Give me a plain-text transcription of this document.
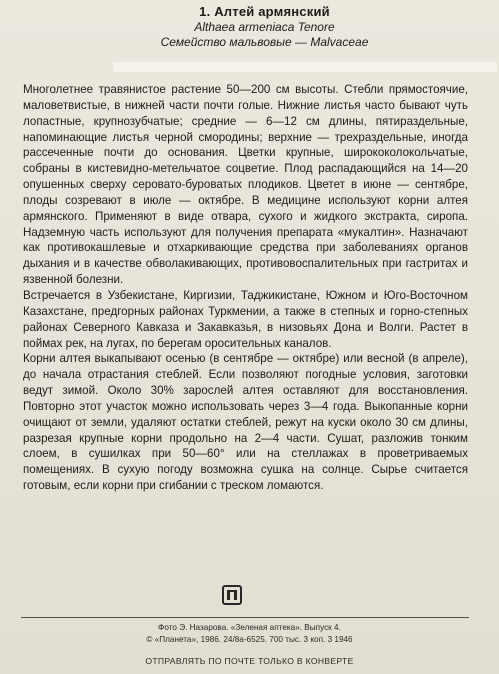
1. Алтей армянский
Althaea armeniaca Tenore
Семейство мальвовые — Malvaceae

Многолетнее травянистое растение 50—200 см высоты. Стебли прямостоячие, маловетвистые, в нижней части почти голые. Нижние листья часто бывают чуть лопастные, крупнозубчатые; средние — 6—12 см длины, пятираздельные, напоминающие листья черной смородины; верхние — трехраздельные, иногда рассеченные почти до основания. Цветки крупные, ширококолокольчатые, собраны в кистевидно-метельчатое соцветие. Плод распадающийся на 14—20 опушенных сверху серовато-буроватых плодиков. Цветет в июне — сентябре, плоды созревают в июле — октябре. В медицине используют корни алтея армянского. Применяют в виде отвара, сухого и жидкого экстракта, сиропа. Надземную часть используют для получения препарата «мукалтин». Назначают как противокашлевые и отхаркивающие средства при заболеваниях органов дыхания и в качестве обволакивающих, противовоспалительных при гастритах и язвенной болезни.

Встречается в Узбекистане, Киргизии, Таджикистане, Южном и Юго-Восточном Казахстане, предгорных районах Туркмении, а также в степных и горно-степных районах Северного Кавказа и Закавказья, в низовьях Дона и Волги. Растет в поймах рек, на лугах, по берегам оросительных каналов.

Корни алтея выкапывают осенью (в сентябре — октябре) или весной (в апреле), до начала отрастания стеблей. Если позволяют погодные условия, заготовки ведут зимой. Около 30% зарослей алтея оставляют для восстановления. Повторно этот участок можно использовать через 3—4 года. Выкопанные корни очищают от земли, удаляют остатки стеблей, режут на куски около 30 см длины, разрезая крупные корни продольно на 2—4 части. Сушат, разложив тонким слоем, в сушилках при 50—60° или на стеллажах в проветриваемых помещениях. В сухую погоду возможна сушка на солнце. Сырье считается готовым, если корни при сгибании с треском ломаются.

Фото Э. Назарова. «Зеленая аптека». Выпуск 4.
© «Планета», 1986. 24/8а-6525. 700 тыс. 3 коп. 3 1946
ОТПРАВЛЯТЬ ПО ПОЧТЕ ТОЛЬКО В КОНВЕРТЕ
